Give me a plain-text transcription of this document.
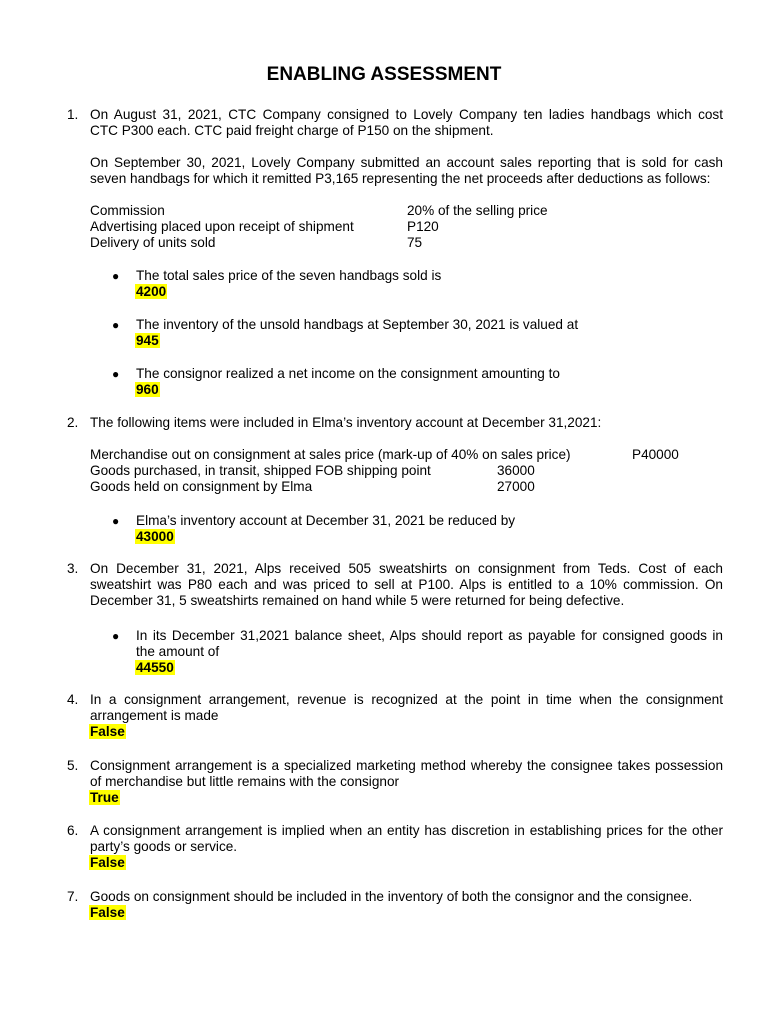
ENABLING ASSESSMENT
1. On August 31, 2021, CTC Company consigned to Lovely Company ten ladies handbags which cost
CTC P300 each. CTC paid freight charge of P150 on the shipment.
On September 30, 2021, Lovely Company submitted an account sales reporting that is sold for cash
seven handbags for which it remitted P3,165 representing the net proceeds after deductions as follows:
Commission	20% of the selling price
Advertising placed upon receipt of shipment	P120
Delivery of units sold	75
● The total sales price of the seven handbags sold is
4200
● The inventory of the unsold handbags at September 30, 2021 is valued at
945
● The consignor realized a net income on the consignment amounting to
960
2. The following items were included in Elma’s inventory account at December 31,2021:
Merchandise out on consignment at sales price (mark-up of 40% on sales price)	P40000
Goods purchased, in transit, shipped FOB shipping point	36000
Goods held on consignment by Elma	27000
● Elma’s inventory account at December 31, 2021 be reduced by
43000
3. On December 31, 2021, Alps received 505 sweatshirts on consignment from Teds. Cost of each
sweatshirt was P80 each and was priced to sell at P100. Alps is entitled to a 10% commission. On
December 31, 5 sweatshirts remained on hand while 5 were returned for being defective.
● In its December 31,2021 balance sheet, Alps should report as payable for consigned goods in
the amount of
44550
4. In a consignment arrangement, revenue is recognized at the point in time when the consignment
arrangement is made
False
5. Consignment arrangement is a specialized marketing method whereby the consignee takes possession
of merchandise but little remains with the consignor
True
6. A consignment arrangement is implied when an entity has discretion in establishing prices for the other
party’s goods or service.
False
7. Goods on consignment should be included in the inventory of both the consignor and the consignee.
False
